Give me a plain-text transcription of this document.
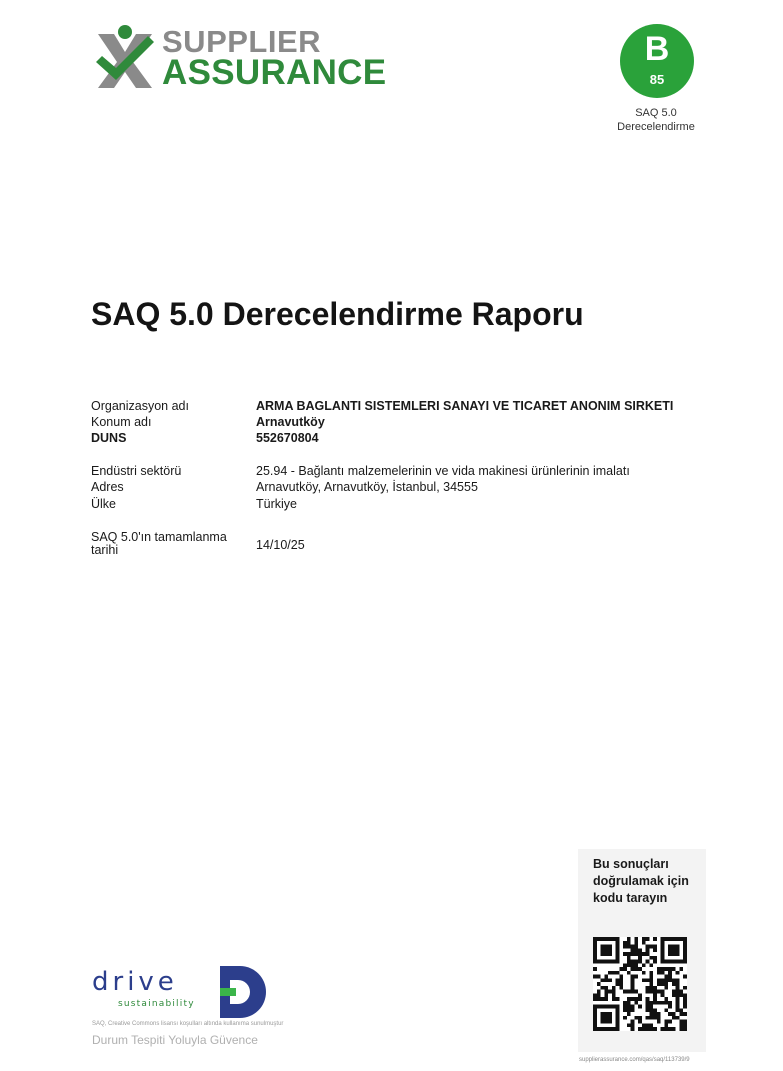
SUPPLIER
ASSURANCE
B
85
SAQ 5.0
Derecelendirme
SAQ 5.0 Derecelendirme Raporu
Organizasyon adı	ARMA BAGLANTI SISTEMLERI SANAYI VE TICARET ANONIM SIRKETI
Konum adı	Arnavutköy
DUNS	552670804
Endüstri sektörü	25.94 - Bağlantı malzemelerinin ve vida makinesi ürünlerinin imalatı
Adres	Arnavutköy, Arnavutköy, İstanbul, 34555
Ülke	Türkiye
SAQ 5.0'ın tamamlanma tarihi	14/10/25
Bu sonuçları doğrulamak için kodu tarayın
supplierassurance.com/qas/saq/113739/9
drive
sustainability
SAQ, Creative Commons lisansı koşulları altında kullanıma sunulmuştur
Durum Tespiti Yoluyla Güvence
